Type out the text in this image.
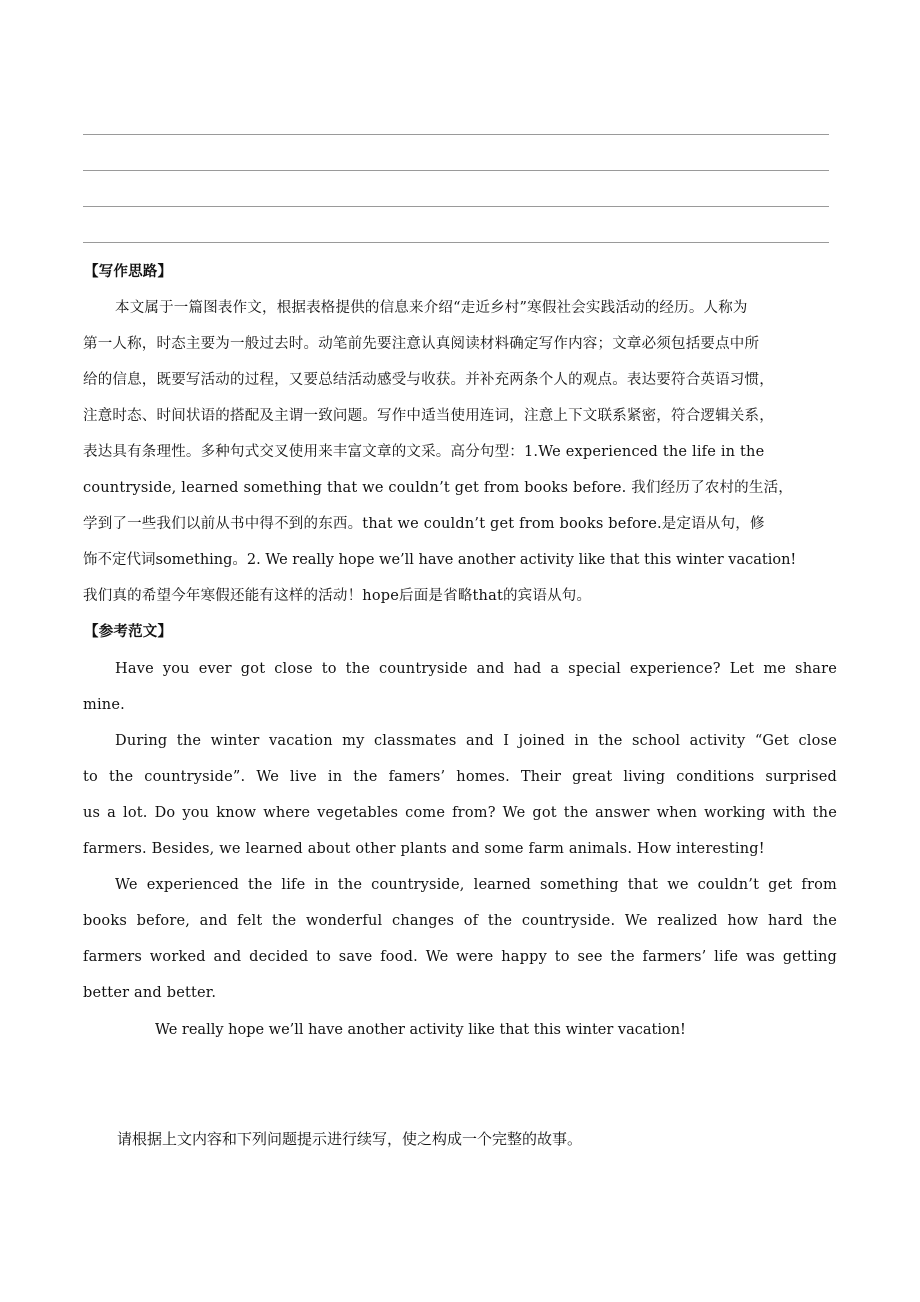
【写作思路】
本文属于一篇图表作文，根据表格提供的信息来介绍“走近乡村”寒假社会实践活动的经历。人称为
第一人称，时态主要为一般过去时。动笔前先要注意认真阅读材料确定写作内容；文章必须包括要点中所
给的信息，既要写活动的过程，又要总结活动感受与收获。并补充两条个人的观点。表达要符合英语习惯，
注意时态、时间状语的搭配及主谓一致问题。写作中适当使用连词，注意上下文联系紧密，符合逻辑关系，
表达具有条理性。多种句式交叉使用来丰富文章的文采。高分句型：1.We experienced the life in the
countryside, learned something that we couldn’t get from books before. 我们经历了农村的生活，
学到了一些我们以前从书中得不到的东西。that we couldn’t get from books before.是定语从句，修
饰不定代词something。2. We really hope we’ll have another activity like that this winter vacation!
我们真的希望今年寒假还能有这样的活动！hope后面是省略that的宾语从句。
【参考范文】
Have you ever got close to the countryside and had a special experience? Let me share
mine.
During the winter vacation my classmates and I joined in the school activity “Get close
to the countryside”. We live in the famers’ homes. Their great living conditions surprised
us a lot. Do you know where vegetables come from? We got the answer when working with the
farmers. Besides, we learned about other plants and some farm animals. How interesting!
We experienced the life in the countryside, learned something that we couldn’t get from
books before, and felt the wonderful changes of the countryside. We realized how hard the
farmers worked and decided to save food. We were happy to see the farmers’ life was getting
better and better.
We really hope we’ll have another activity like that this winter vacation!
请根据上文内容和下列问题提示进行续写，使之构成一个完整的故事。
